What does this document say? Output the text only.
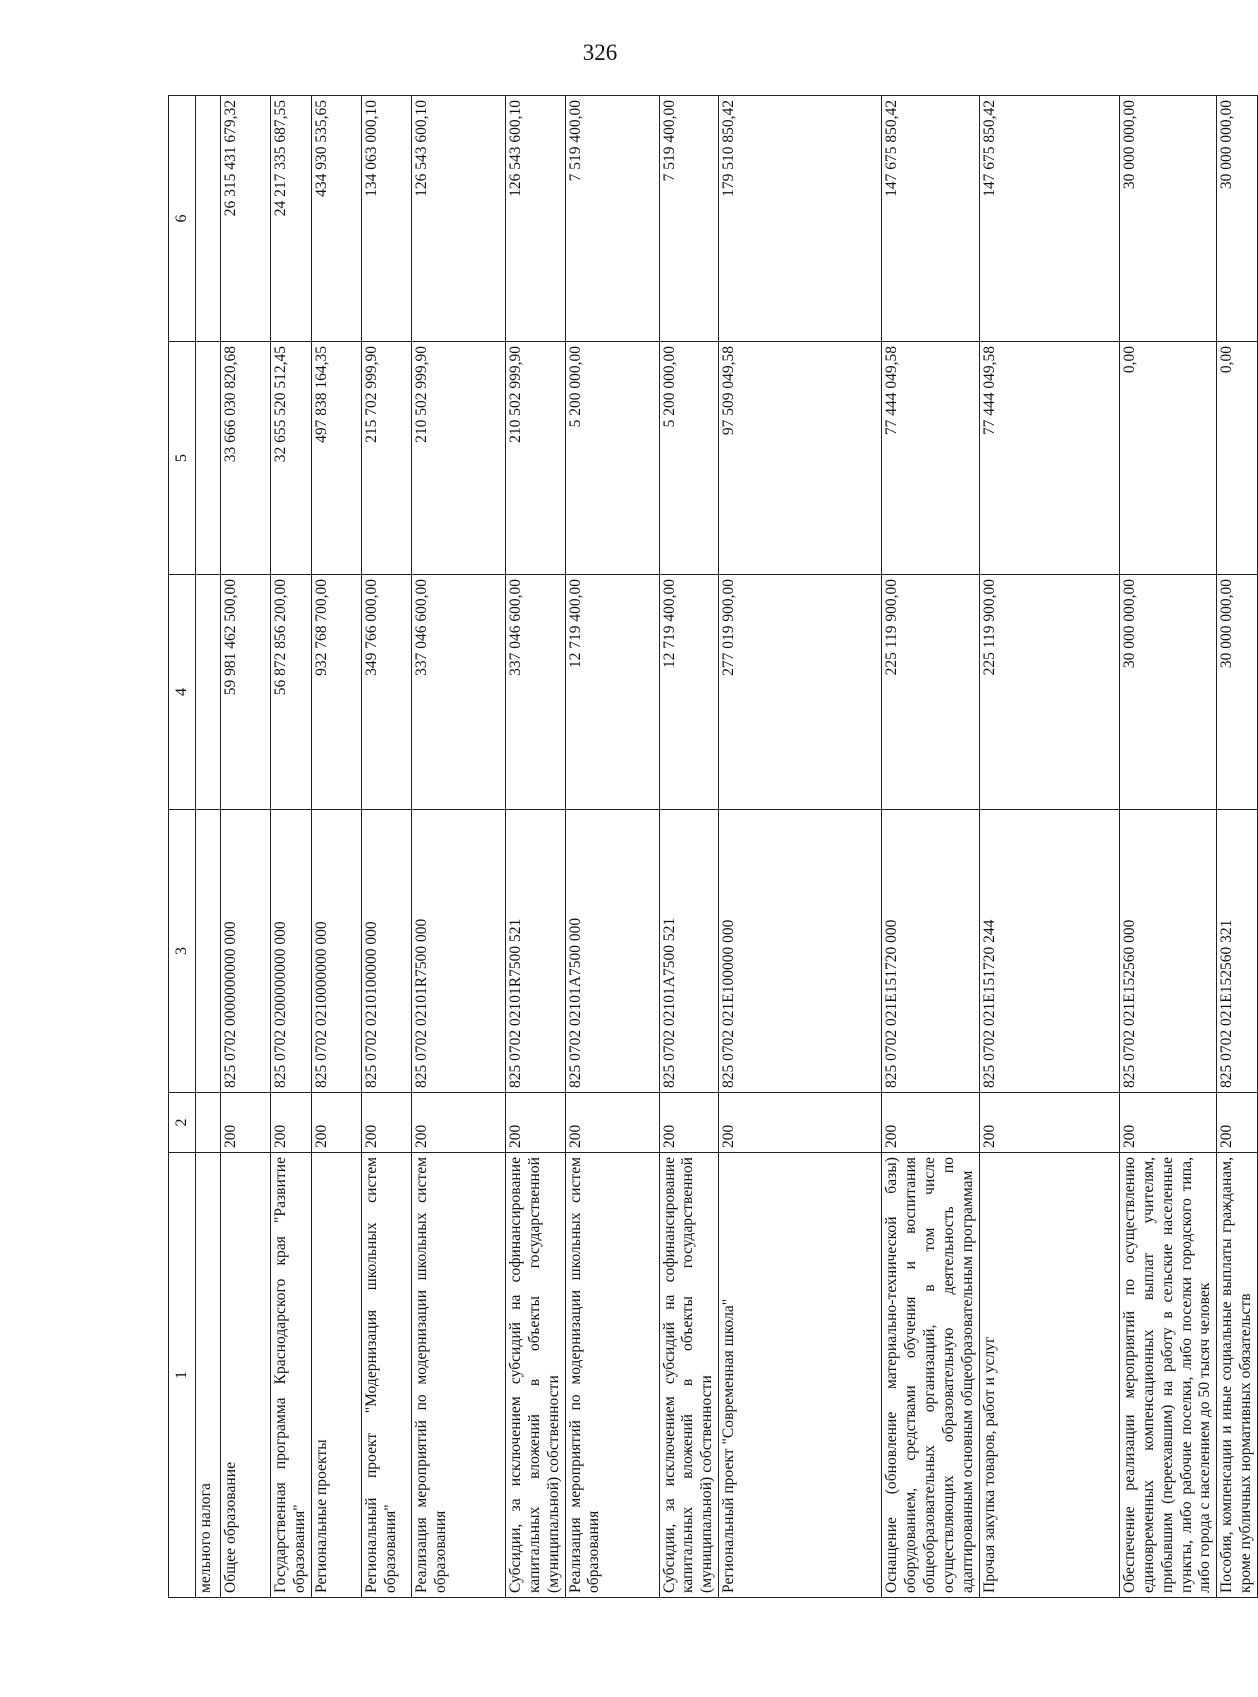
326
1	2	3	4	5	6
мельного налога					
Общее образование	200	825 0702 0000000000 000	59 981 462 500,00	33 666 030 820,68	26 315 431 679,32
Государственная программа Краснодарского края "Развитие образования"	200	825 0702 0200000000 000	56 872 856 200,00	32 655 520 512,45	24 217 335 687,55
Региональные проекты	200	825 0702 0210000000 000	932 768 700,00	497 838 164,35	434 930 535,65
Региональный проект "Модернизация школьных систем образования"	200	825 0702 0210100000 000	349 766 000,00	215 702 999,90	134 063 000,10
Реализация мероприятий по модернизации школьных систем образования	200	825 0702 02101R7500 000	337 046 600,00	210 502 999,90	126 543 600,10
Субсидии, за исключением субсидий на софинансирование капитальных вложений в объекты государственной (муниципальной) собственности	200	825 0702 02101R7500 521	337 046 600,00	210 502 999,90	126 543 600,10
Реализация мероприятий по модернизации школьных систем образования	200	825 0702 02101A7500 000	12 719 400,00	5 200 000,00	7 519 400,00
Субсидии, за исключением субсидий на софинансирование капитальных вложений в объекты государственной (муниципальной) собственности	200	825 0702 02101A7500 521	12 719 400,00	5 200 000,00	7 519 400,00
Региональный проект "Современная школа"	200	825 0702 021E100000 000	277 019 900,00	97 509 049,58	179 510 850,42
Оснащение (обновление материально-технической базы) оборудованием, средствами обучения и воспитания общеобразовательных организаций, в том числе осуществляющих образовательную деятельность по адаптированным основным общеобразовательным программам	200	825 0702 021E151720 000	225 119 900,00	77 444 049,58	147 675 850,42
Прочая закупка товаров, работ и услуг	200	825 0702 021E151720 244	225 119 900,00	77 444 049,58	147 675 850,42
Обеспечение реализации мероприятий по осуществлению единовременных компенсационных выплат учителям, прибывшим (переехавшим) на работу в сельские населенные пункты, либо рабочие поселки, либо поселки городского типа, либо города с населением до 50 тысяч человек	200	825 0702 021E152560 000	30 000 000,00	0,00	30 000 000,00
Пособия, компенсации и иные социальные выплаты гражданам, кроме публичных нормативных обязательств	200	825 0702 021E152560 321	30 000 000,00	0,00	30 000 000,00
